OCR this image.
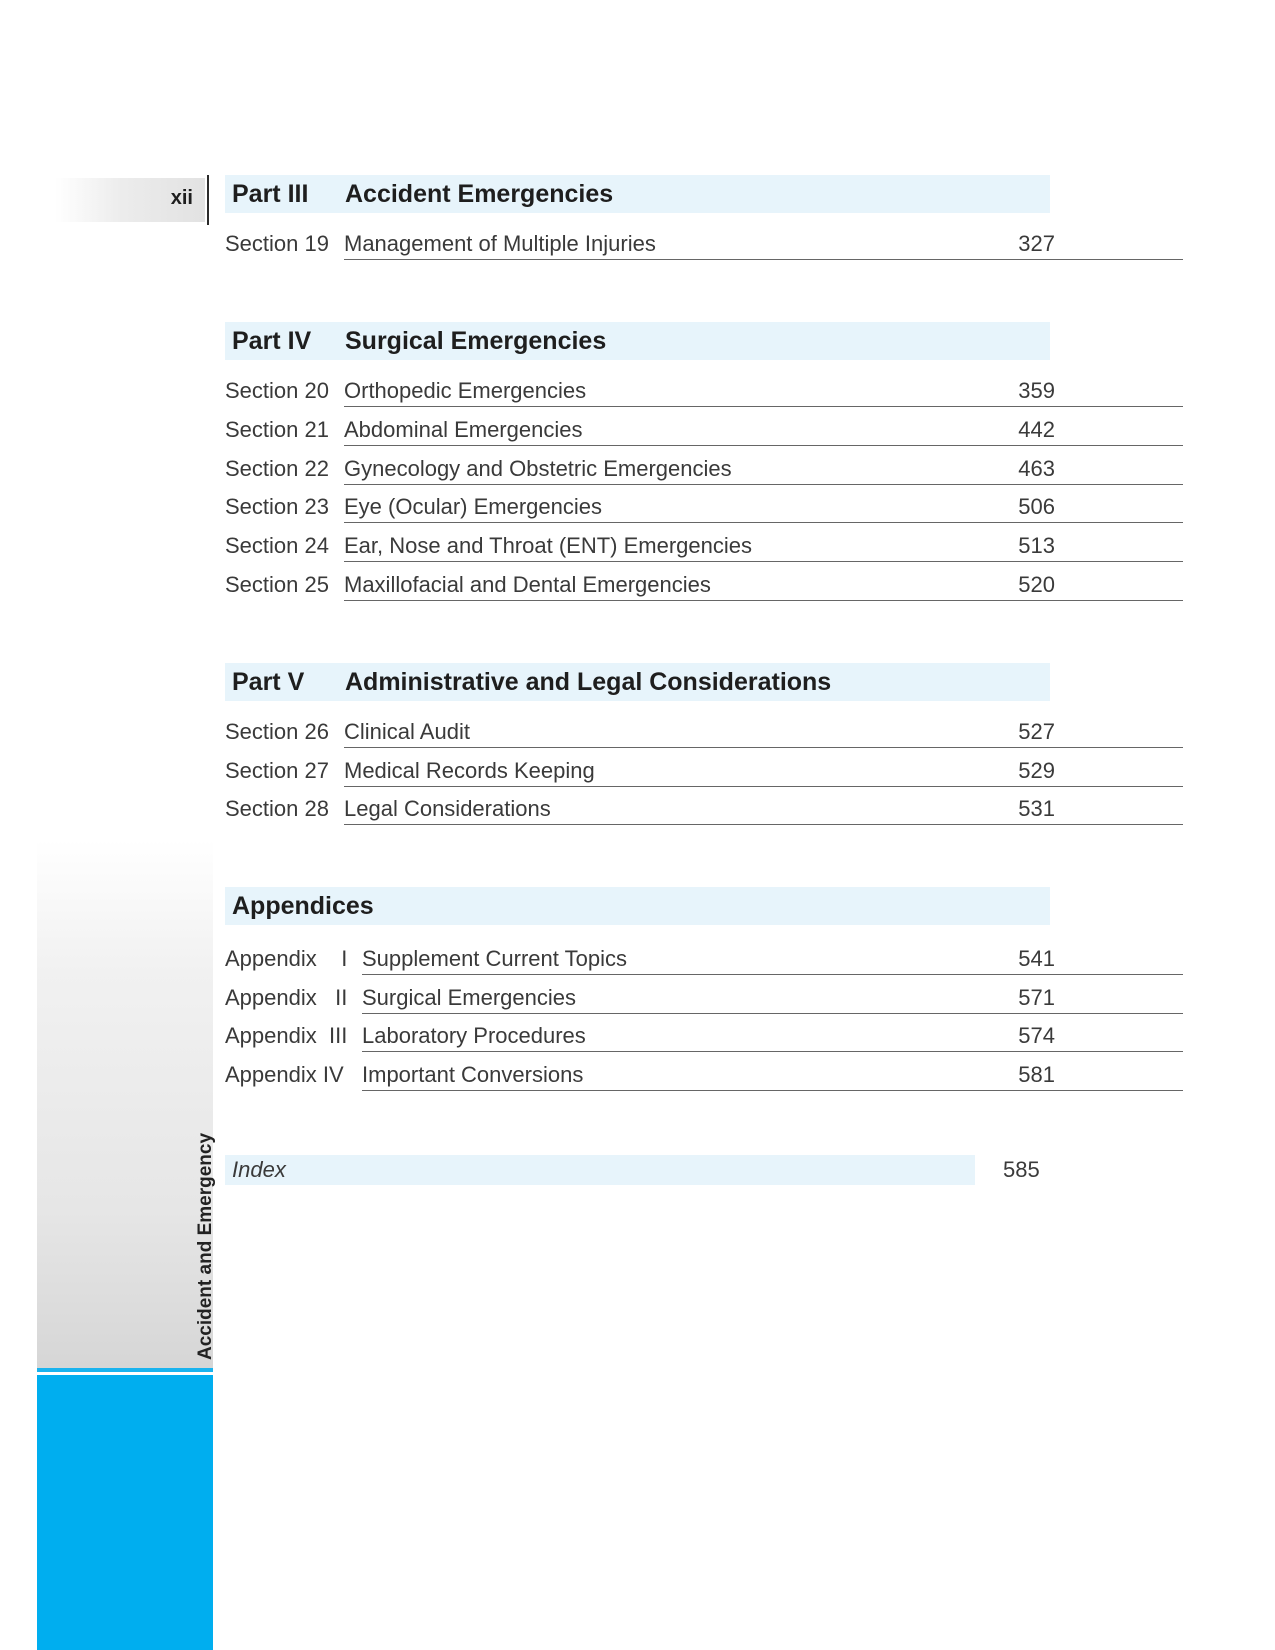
xii
Accident and Emergency
Part III Accident Emergencies
Section 19 Management of Multiple Injuries	327
Part IV Surgical Emergencies
Section 20 Orthopedic Emergencies	359
Section 21 Abdominal Emergencies	442
Section 22 Gynecology and Obstetric Emergencies	463
Section 23 Eye (Ocular) Emergencies	506
Section 24 Ear, Nose and Throat (ENT) Emergencies	513
Section 25 Maxillofacial and Dental Emergencies	520
Part V Administrative and Legal Considerations
Section 26 Clinical Audit	527
Section 27 Medical Records Keeping	529
Section 28 Legal Considerations	531
Appendices
Appendix    I Supplement Current Topics	541
Appendix   II Surgical Emergencies	571
Appendix  III Laboratory Procedures	574
Appendix IV Important Conversions	581
Index	585
